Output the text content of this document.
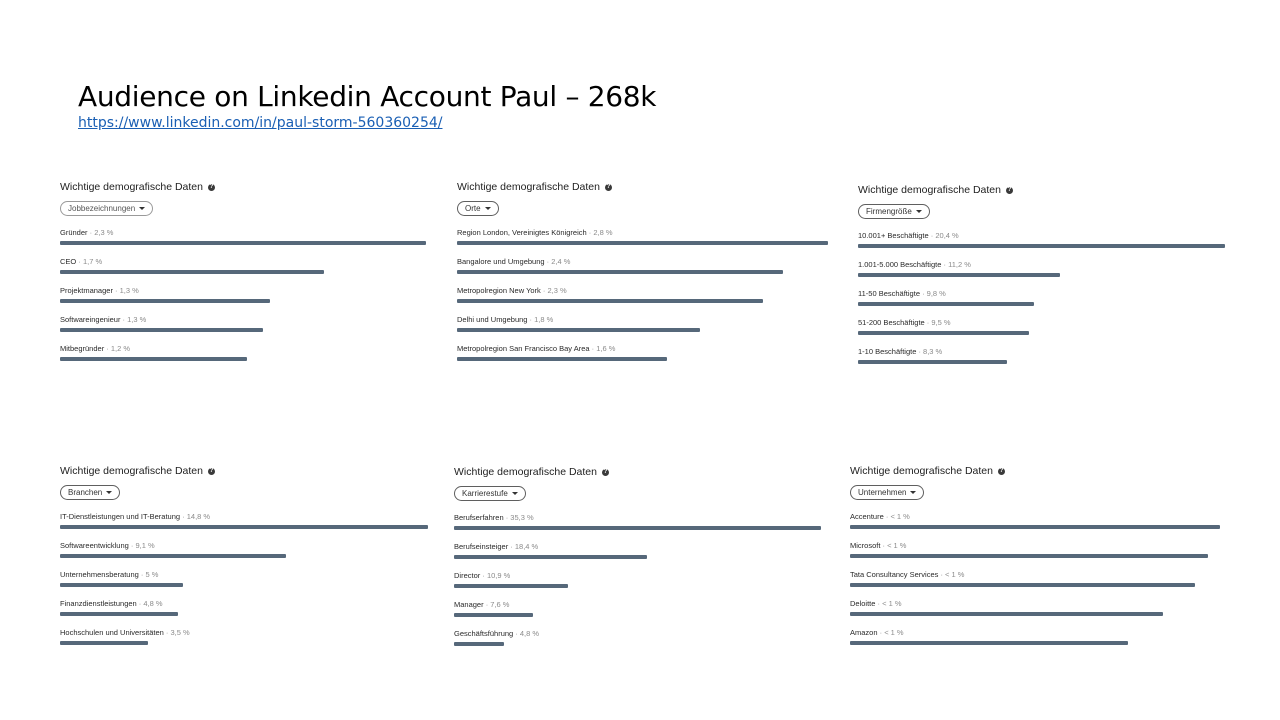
Audience on Linkedin Account Paul – 268k
https://www.linkedin.com/in/paul-storm-560360254/
Wichtige demografische Daten ?
Jobbezeichnungen
Gründer · 2,3 %
CEO · 1,7 %
Projektmanager · 1,3 %
Softwareingenieur · 1,3 %
Mitbegründer · 1,2 %
Wichtige demografische Daten ?
Orte
Region London, Vereinigtes Königreich · 2,8 %
Bangalore und Umgebung · 2,4 %
Metropolregion New York · 2,3 %
Delhi und Umgebung · 1,8 %
Metropolregion San Francisco Bay Area · 1,6 %
Wichtige demografische Daten ?
Firmengröße
10.001+ Beschäftigte · 20,4 %
1.001-5.000 Beschäftigte · 11,2 %
11-50 Beschäftigte · 9,8 %
51-200 Beschäftigte · 9,5 %
1-10 Beschäftigte · 8,3 %
Wichtige demografische Daten ?
Branchen
IT-Dienstleistungen und IT-Beratung · 14,8 %
Softwareentwicklung · 9,1 %
Unternehmensberatung · 5 %
Finanzdienstleistungen · 4,8 %
Hochschulen und Universitäten · 3,5 %
Wichtige demografische Daten ?
Karrierestufe
Berufserfahren · 35,3 %
Berufseinsteiger · 18,4 %
Director · 10,9 %
Manager · 7,6 %
Geschäftsführung · 4,8 %
Wichtige demografische Daten ?
Unternehmen
Accenture · < 1 %
Microsoft · < 1 %
Tata Consultancy Services · < 1 %
Deloitte · < 1 %
Amazon · < 1 %
